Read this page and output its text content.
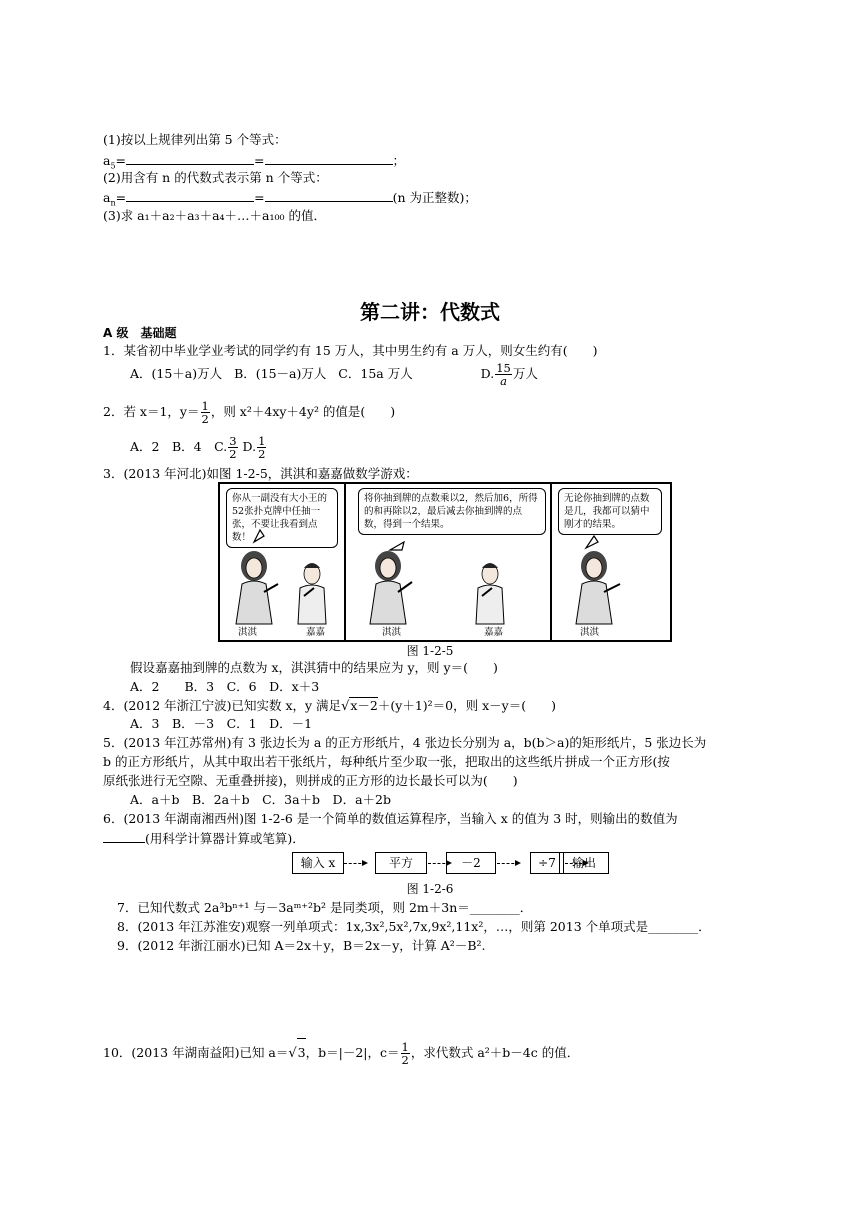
(1)按以上规律列出第 5 个等式：
$a_5=$	=	；
(2)用含有 n 的代数式表示第 n 个等式：
$a_n=$	=	(n 为正整数)；
(3)求 a₁＋a₂＋a₃＋a₄＋…＋a₁₀₀ 的值．
第二讲：代数式
A 级　基础题
1．某省初中毕业学业考试的同学约有 15 万人，其中男生约有 a 万人，则女生约有(　　)
A．(15＋a)万人 B．(15－a)万人 C．15a 万人	D. $\frac{15}{a}$ 万人
2．若 x＝1，$y= \frac{1}{2}$ ，则 x²＋4xy＋4y² 的值是(　　)
A．2　B．4　C. $\frac{3}{2} D$. $\frac{1}{2}$
3．(2013 年河北)如图 1-2-5，淇淇和嘉嘉做数学游戏：
你从一副没有大小王的52张扑克牌中任抽一张，不要让我看到点数！
淇淇	嘉嘉
将你抽到牌的点数乘以2，然后加6，所得的和再除以2，最后减去你抽到牌的点数，得到一个结果。
淇淇	嘉嘉
无论你抽到牌的点数是几，我都可以猜中刚才的结果。
淇淇
图 1-2-5
假设嘉嘉抽到牌的点数为 x，淇淇猜中的结果应为 y，则 y＝(　　)
A．2　　B．3　C．6　D．x＋3
4．(2012 年浙江宁波)已知实数 x，y 满足√x－2＋(y＋1)²＝0，则 x－y＝(　　)
A．3　B．－3　C．1　D．－1
5．(2013 年江苏常州)有 3 张边长为 a 的正方形纸片，4 张边长分别为 a，b(b＞a)的矩形纸片，5 张边长为
b 的正方形纸片，从其中取出若干张纸片，每种纸片至少取一张，把取出的这些纸片拼成一个正方形(按
原纸张进行无空隙、无重叠拼接)，则拼成的正方形的边长最长可以为(　　)
A．a＋b　B．2a＋b　C．3a＋b　D．a＋2b
6．(2013 年湖南湘西州)图 1-2-6 是一个简单的数值运算程序，当输入 x 的值为 3 时，则输出的数值为
(用科学计算器计算或笔算)．
输入 x	平方	－2	÷7	输出
图 1-2-6
7．已知代数式 2a³bⁿ⁺¹ 与－3aᵐ⁺²b² 是同类项，则 2m＋3n＝________．
8．(2013 年江苏淮安)观察一列单项式：1x,3x²,5x²,7x,9x²,11x²，…，则第 2013 个单项式是________．
9．(2012 年浙江丽水)已知 A＝2x＋y，B＝2x－y，计算 A²－B².
10．(2013 年湖南益阳)已知 a＝√3，b＝|－2|，$c= \frac{1}{2}$ ，求代数式 a²＋b－4c 的值．
